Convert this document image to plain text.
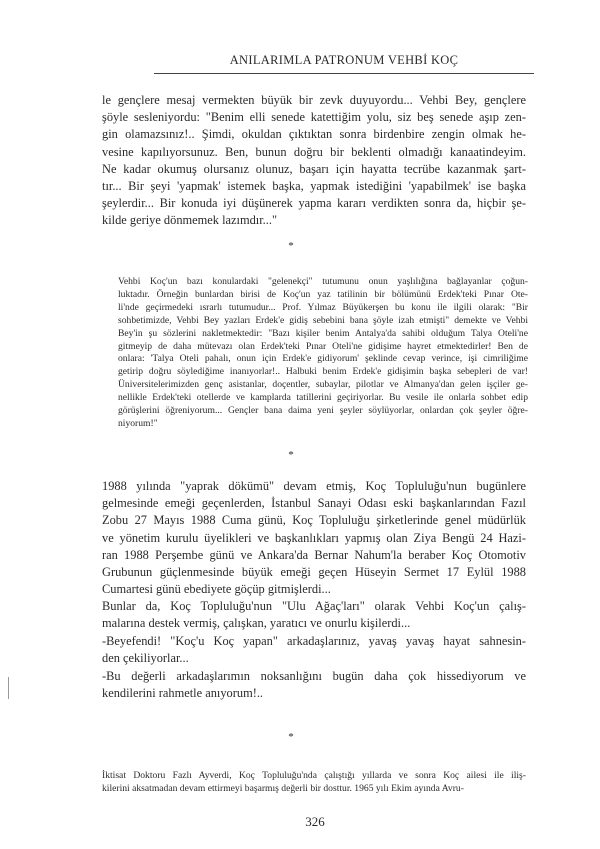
ANILARIMLA PATRONUM VEHBİ KOÇ
le gençlere mesaj vermekten büyük bir zevk duyuyordu... Vehbi Bey, gençlere
şöyle sesleniyordu: "Benim elli senede katettiğim yolu, siz beş senede aşıp zen-
gin olamazsınız!.. Şimdi, okuldan çıktıktan sonra birdenbire zengin olmak he-
vesine kapılıyorsunuz. Ben, bunun doğru bir beklenti olmadığı kanaatindeyim.
Ne kadar okumuş olursanız olunuz, başarı için hayatta tecrübe kazanmak şart-
tır... Bir şeyi 'yapmak' istemek başka, yapmak istediğini 'yapabilmek' ise başka
şeylerdir... Bir konuda iyi düşünerek yapma kararı verdikten sonra da, hiçbir şe-
kilde geriye dönmemek lazımdır..."
*
Vehbi Koç'un bazı konulardaki "gelenekçi" tutumunu onun yaşlılığına bağlayanlar çoğun-
luktadır. Örneğin bunlardan birisi de Koç'un yaz tatilinin bir bölümünü Erdek'teki Pınar Ote-
li'nde geçirmedeki ısrarlı tutumudur... Prof. Yılmaz Büyükerşen bu konu ile ilgili olarak: "Bir
sohbetimizde, Vehbi Bey yazları Erdek'e gidiş sebebini bana şöyle izah etmişti" demekte ve Vehbi
Bey'in şu sözlerini nakletmektedir: "Bazı kişiler benim Antalya'da sahibi olduğum Talya Oteli'ne
gitmeyip de daha mütevazı olan Erdek'teki Pınar Oteli'ne gidişime hayret etmektedirler! Ben de
onlara: 'Talya Oteli pahalı, onun için Erdek'e gidiyorum' şeklinde cevap verince, işi cimriliğime
getirip doğru söylediğime inanıyorlar!.. Halbuki benim Erdek'e gidişimin başka sebepleri de var!
Üniversitelerimizden genç asistanlar, doçentler, subaylar, pilotlar ve Almanya'dan gelen işçiler ge-
nellikle Erdek'teki otellerde ve kamplarda tatillerini geçiriyorlar. Bu vesile ile onlarla sohbet edip
görüşlerini öğreniyorum... Gençler bana daima yeni şeyler söylüyorlar, onlardan çok şeyler öğre-
niyorum!"
*
1988 yılında "yaprak dökümü" devam etmiş, Koç Topluluğu'nun bugünlere
gelmesinde emeği geçenlerden, İstanbul Sanayi Odası eski başkanlarından Fazıl
Zobu 27 Mayıs 1988 Cuma günü, Koç Topluluğu şirketlerinde genel müdürlük
ve yönetim kurulu üyelikleri ve başkanlıkları yapmış olan Ziya Bengü 24 Hazi-
ran 1988 Perşembe günü ve Ankara'da Bernar Nahum'la beraber Koç Otomotiv
Grubunun güçlenmesinde büyük emeği geçen Hüseyin Sermet 17 Eylül 1988
Cumartesi günü ebediyete göçüp gitmişlerdi...
Bunlar da, Koç Topluluğu'nun "Ulu Ağaç'ları" olarak Vehbi Koç'un çalış-
malarına destek vermiş, çalışkan, yaratıcı ve onurlu kişilerdi...
-Beyefendi! "Koç'u Koç yapan" arkadaşlarınız, yavaş yavaş hayat sahnesin-
den çekiliyorlar...
-Bu değerli arkadaşlarımın noksanlığını bugün daha çok hissediyorum ve
kendilerini rahmetle anıyorum!..
*
İktisat Doktoru Fazlı Ayverdi, Koç Topluluğu'nda çalıştığı yıllarda ve sonra Koç ailesi ile iliş-
kilerini aksatmadan devam ettirmeyi başarmış değerli bir dosttur. 1965 yılı Ekim ayında Avru-
326
